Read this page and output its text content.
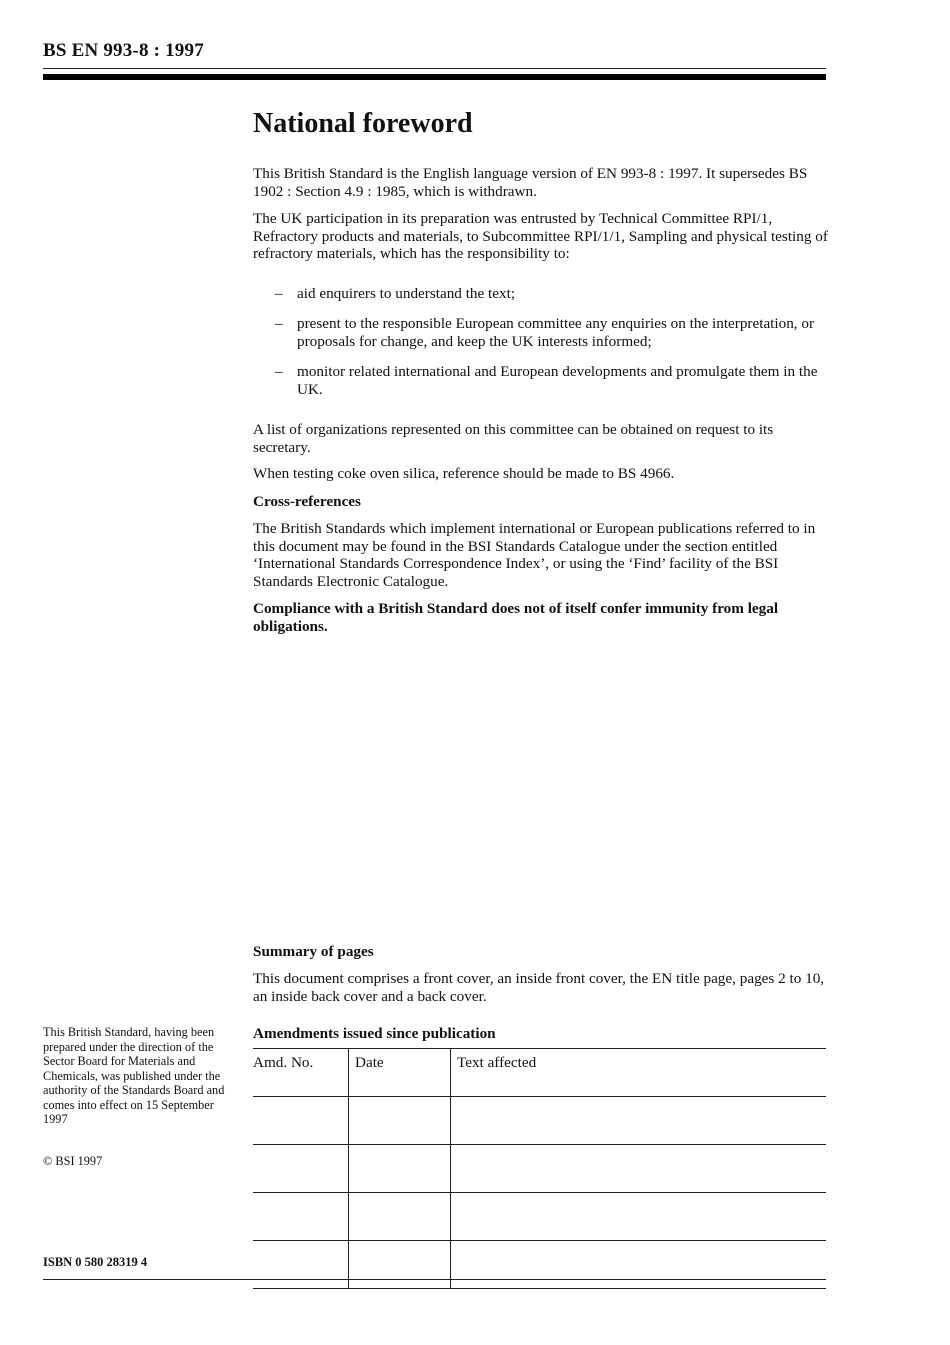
BS EN 993-8 : 1997
National foreword

This British Standard is the English language version of EN 993-8 : 1997. It supersedes BS 1902 : Section 4.9 : 1985, which is withdrawn.

The UK participation in its preparation was entrusted by Technical Committee RPI/1, Refractory products and materials, to Subcommittee RPI/1/1, Sampling and physical testing of refractory materials, which has the responsibility to:

– aid enquirers to understand the text;
– present to the responsible European committee any enquiries on the interpretation, or proposals for change, and keep the UK interests informed;
– monitor related international and European developments and promulgate them in the UK.

A list of organizations represented on this committee can be obtained on request to its secretary.

When testing coke oven silica, reference should be made to BS 4966.

Cross-references

The British Standards which implement international or European publications referred to in this document may be found in the BSI Standards Catalogue under the section entitled ‘International Standards Correspondence Index’, or using the ‘Find’ facility of the BSI Standards Electronic Catalogue.

Compliance with a British Standard does not of itself confer immunity from legal obligations.

Summary of pages

This document comprises a front cover, an inside front cover, the EN title page, pages 2 to 10, an inside back cover and a back cover.

Amendments issued since publication

Amd. No.	Date	Text affected

This British Standard, having been prepared under the direction of the Sector Board for Materials and Chemicals, was published under the authority of the Standards Board and comes into effect on 15 September 1997
© BSI 1997
ISBN 0 580 28319 4
